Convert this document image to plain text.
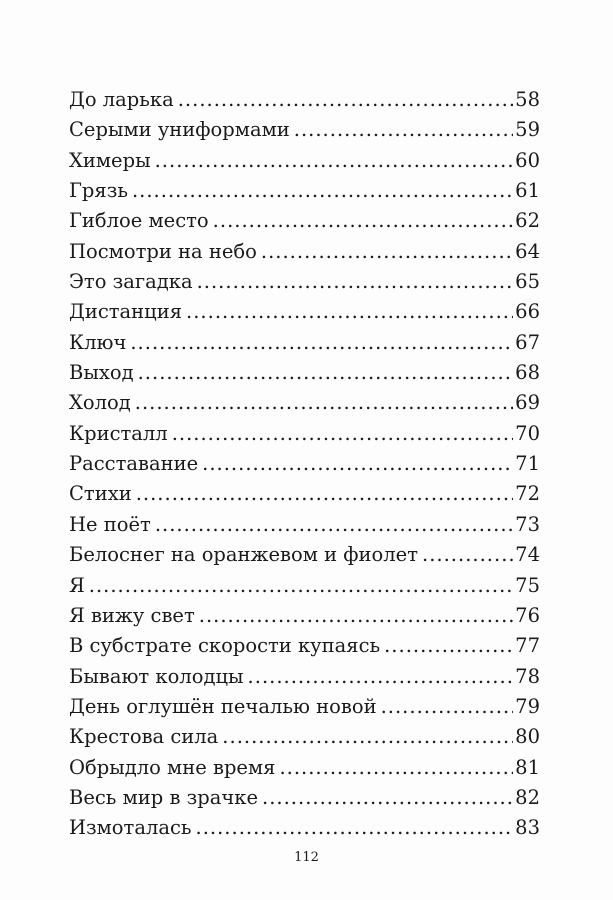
До ларька .....	58
Серыми униформами .....	59
Химеры .....	60
Грязь .....	61
Гиблое место .....	62
Посмотри на небо .....	64
Это загадка .....	65
Дистанция .....	66
Ключ .....	67
Выход .....	68
Холод .....	69
Кристалл .....	70
Расставание .....	71
Стихи .....	72
Не поёт .....	73
Белоснег на оранжевом и фиолет .....	74
Я .....	75
Я вижу свет .....	76
В субстрате скорости купаясь .....	77
Бывают колодцы .....	78
День оглушён печалью новой .....	79
Крестова сила .....	80
Обрыдло мне время .....	81
Весь мир в зрачке .....	82
Измоталась .....	83
112
